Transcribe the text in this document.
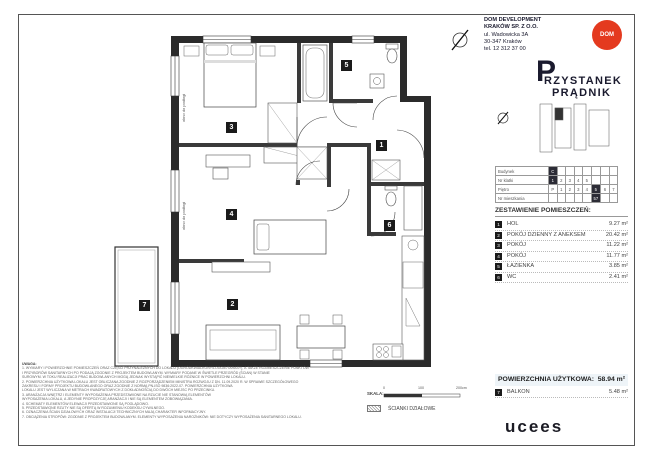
1
2
3
4
5
6
7
okno do podłogi
okno do podłogi
DOM DEVELOPMENT
KRAKÓW SP. Z O.O.
ul. Wadowicka 3A
30-347 Kraków
tel. 12 312 37 00
DOM
P
RZYSTANEK
PRĄDNIK
Budynek	C							
Nr klatki	1	2	3	4	5			
Piętro	P	1	2	3	4	5	6	7
Nr mieszkania						57		
ZESTAWIENIE POMIESZCZEŃ:
1	HOL	9.27 m²
2	POKÓJ DZIENNY Z ANEKSEM	20.42 m²
3	POKÓJ	11.22 m²
4	POKÓJ	11.77 m²
5	ŁAZIENKA	3.85 m²
6	WC	2.41 m²
POWIERZCHNIA UŻYTKOWA: 58.94 m²
7	BALKON	5.48 m²
UWAGA:
1. WYMIARY I POWIERZCHNIE POMIESZCZEŃ ORAZ CZĘŚCI PRZYNALEŻNYCH DO LOKALU (OGRÓDKI/BALKONY/LOGGIE/TARASY), A TAKŻE ROZMIESZCZENIE PUNKTÓW
I PRZYBORÓW SANITARNYCH PO PODAJĄ ZGODNIE Z PROJEKTEM BUDOWLANYM. WYMIARY PODANE W ŚWIETLE PRZEGRÓD (ŚCIAN) W STANIE
SUROWYM. W TOKU REALIZACJI PRAC BUDOWLANYCH MOGĄ JEDNAK WYSTĄPIĆ NIEWIELKIE RÓŻNICE W POWIERZCHNI LOKALU.
2. POWIERZCHNIA UŻYTKOWA LOKALU JEST OBLICZANA ZGODNIE Z ROZPORZĄDZENIEM MINISTRA ROZWOJU Z DN. 11.09.2020 R. W SPRAWIE SZCZEGÓŁOWEGO
ZAKRESU I FORMY PROJEKTU BUDOWLANEGO ORAZ ZGODNIE Z NORMĄ PN-ISO 9836:2022-07. POWIERZCHNIA UŻYTKOWA
LOKALU JEST WYLICZANA W METRACH KWADRATOWYCH Z DOKŁADNOŚCIĄ DO DWÓCH MIEJSC PO PRZECINKU.
3. ARANŻACJA WNĘTRZ I ELEMENTY WYPOSAŻENIA PRZEDSTAWIONE NA RZUCIE NIE STANOWIĄ ELEMENTÓW
WYPOSAŻENIA LOKALU, A JEDYNIE PROPOZYCJĘ ARANŻACJI I NIE SĄ ELEMENTEM ZOBOWIĄZANIA.
4. SCHEMATY ELEMENTÓW ELEWACJI PRZEDSTAWIONE SĄ POGLĄDOWO.
5. PRZEDSTAWIONE RZUTY NIE SĄ OFERTĄ W ROZUMIENIU KODEKSU CYWILNEGO.
6. OZNACZENIA ŚCIAN DZIAŁOWYCH ORAZ INSTALACJI TECHNICZNYCH MAJĄ CHARAKTER INFORMACYJNY.
7. OBCIĄŻENIA STROPÓW: ZGODNIE Z PROJEKTEM BUDOWLANYM. ELEMENTY WYPOSAŻENIA NAROŻNIKÓW: NIE DOTYCZY WYPOSAŻENIA SANITARNEGO LOKALU.
SKALA:
0	100	200cm
ŚCIANKI DZIAŁOWE
ucees
